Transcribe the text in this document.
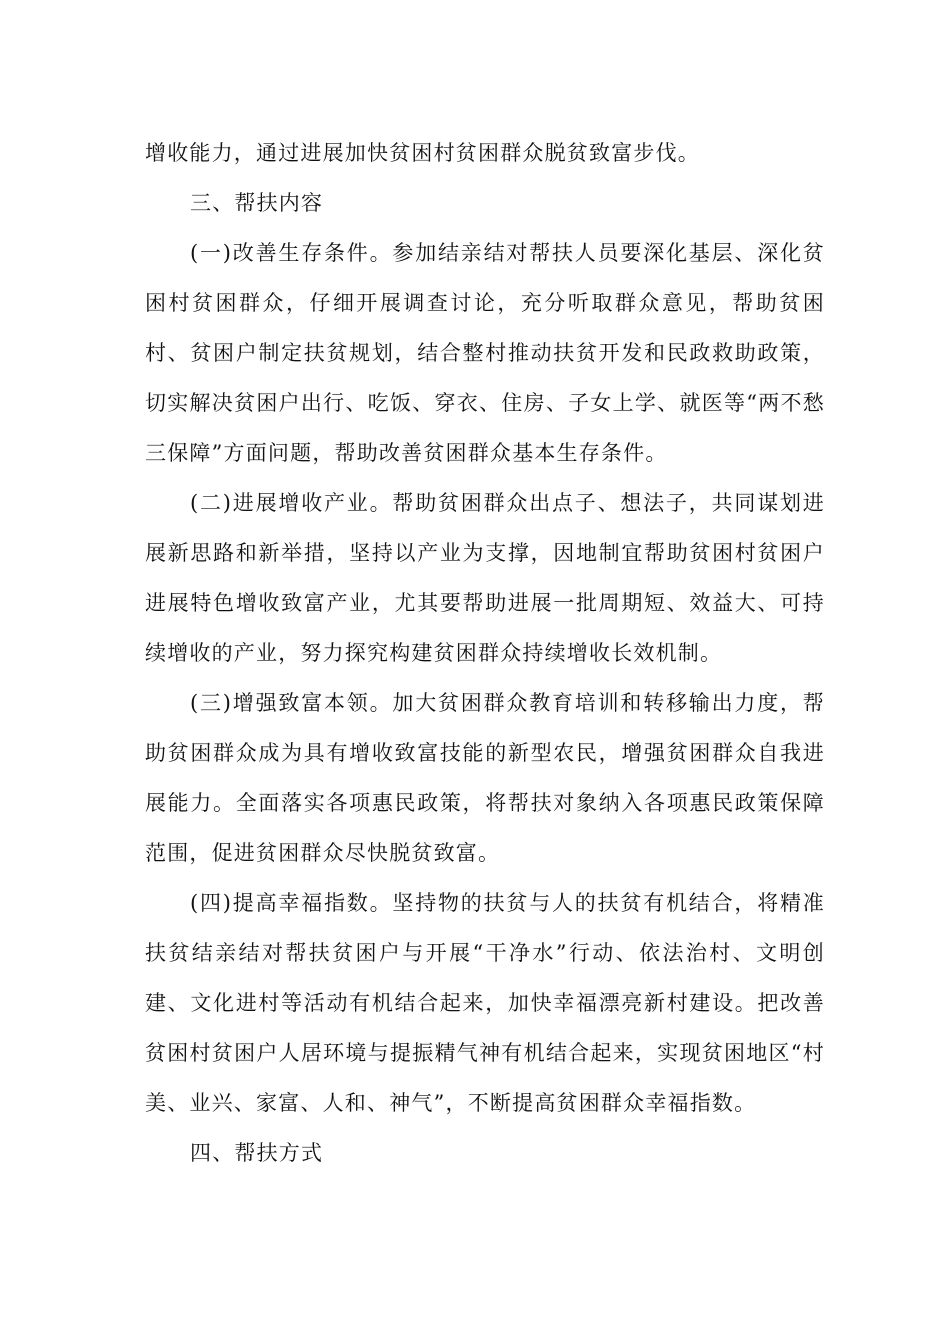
增收能力，通过进展加快贫困村贫困群众脱贫致富步伐。

三、帮扶内容

(一)改善生存条件。参加结亲结对帮扶人员要深化基层、深化贫困村贫困群众，仔细开展调查讨论，充分听取群众意见，帮助贫困村、贫困户制定扶贫规划，结合整村推动扶贫开发和民政救助政策，切实解决贫困户出行、吃饭、穿衣、住房、子女上学、就医等“两不愁三保障”方面问题，帮助改善贫困群众基本生存条件。

(二)进展增收产业。帮助贫困群众出点子、想法子，共同谋划进展新思路和新举措，坚持以产业为支撑，因地制宜帮助贫困村贫困户进展特色增收致富产业，尤其要帮助进展一批周期短、效益大、可持续增收的产业，努力探究构建贫困群众持续增收长效机制。

(三)增强致富本领。加大贫困群众教育培训和转移输出力度，帮助贫困群众成为具有增收致富技能的新型农民，增强贫困群众自我进展能力。全面落实各项惠民政策，将帮扶对象纳入各项惠民政策保障范围，促进贫困群众尽快脱贫致富。

(四)提高幸福指数。坚持物的扶贫与人的扶贫有机结合，将精准扶贫结亲结对帮扶贫困户与开展“干净水”行动、依法治村、文明创建、文化进村等活动有机结合起来，加快幸福漂亮新村建设。把改善贫困村贫困户人居环境与提振精气神有机结合起来，实现贫困地区“村美、业兴、家富、人和、神气”，不断提高贫困群众幸福指数。

四、帮扶方式
